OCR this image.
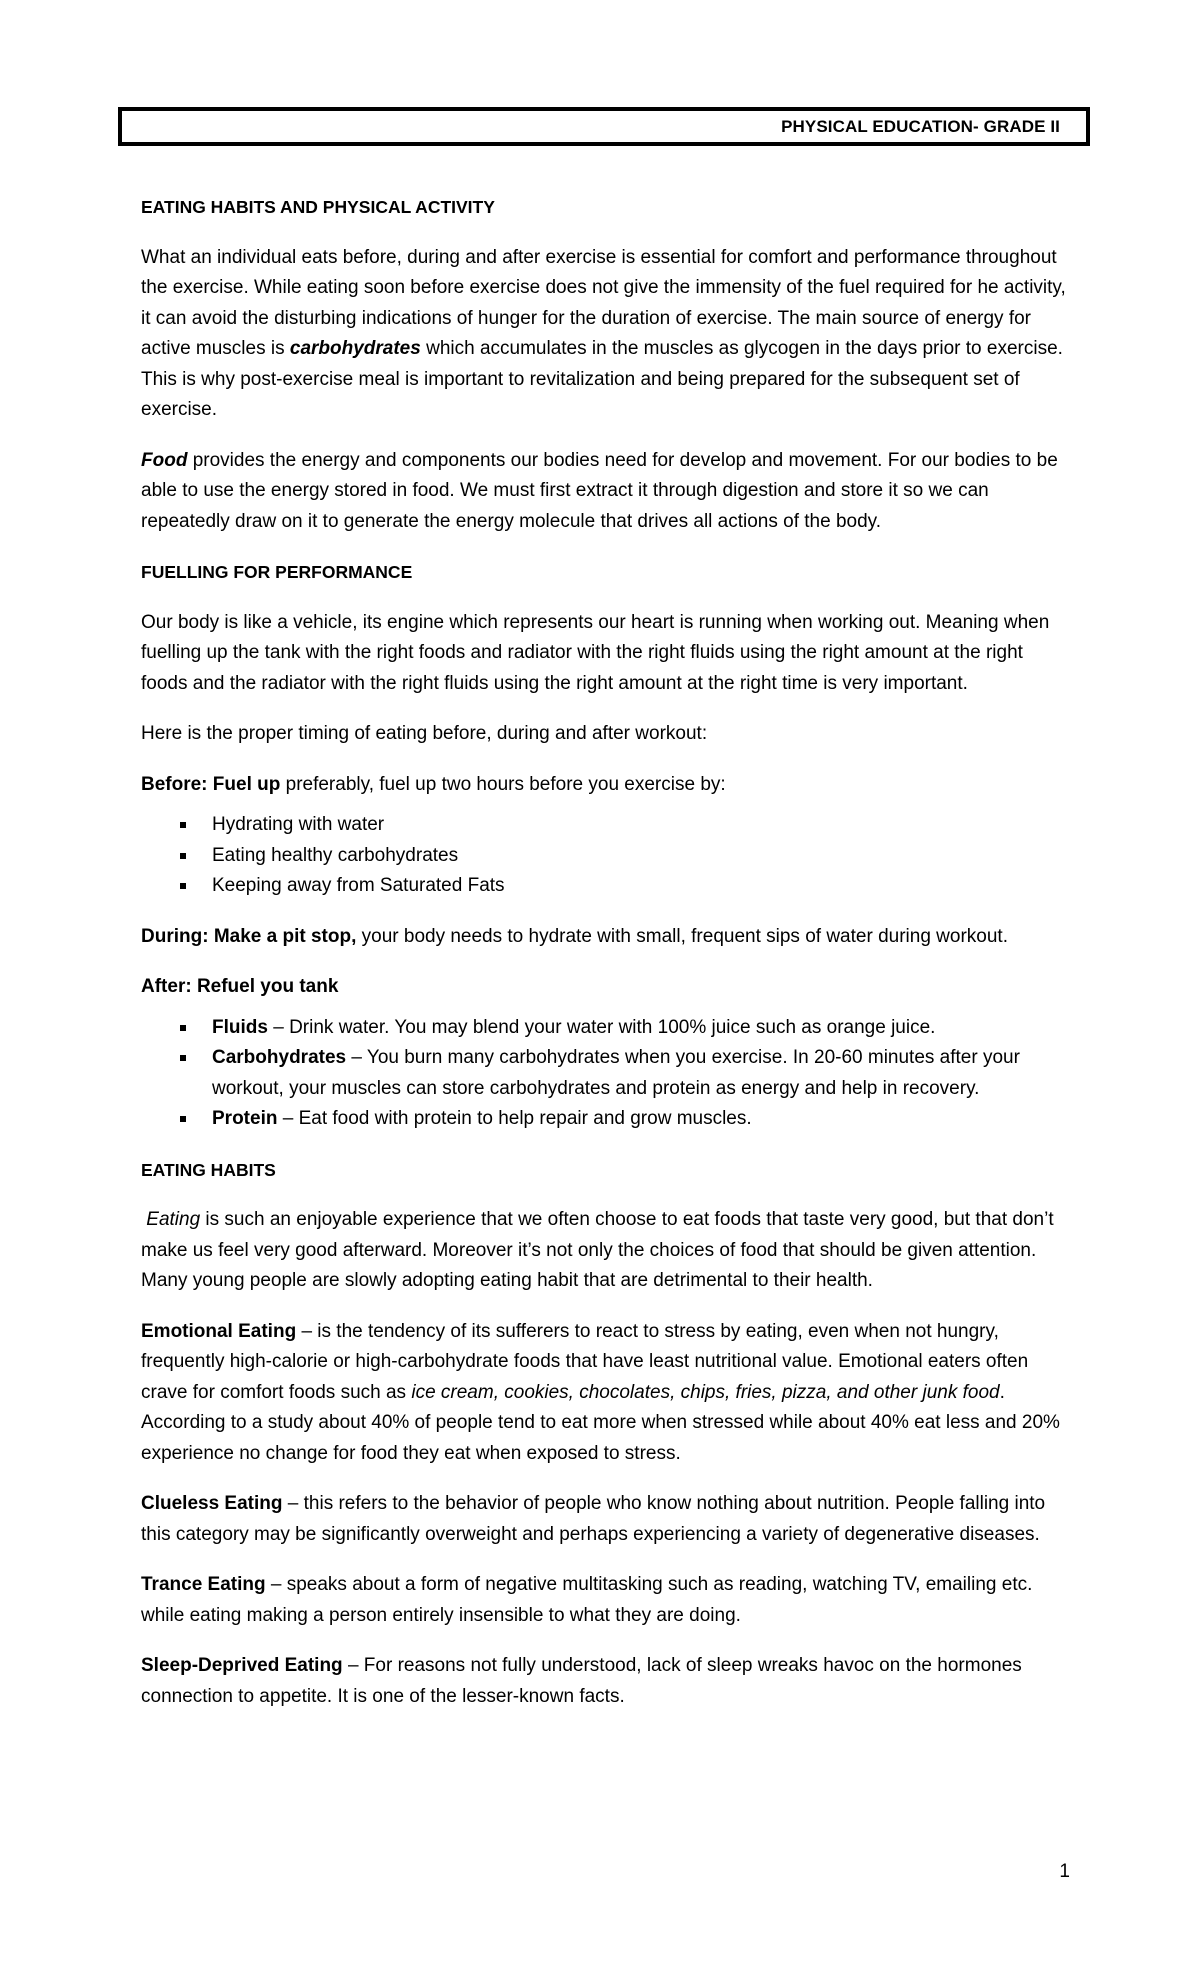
PHYSICAL EDUCATION- GRADE II
EATING HABITS AND PHYSICAL ACTIVITY

What an individual eats before, during and after exercise is essential for comfort and performance throughout the exercise. While eating soon before exercise does not give the immensity of the fuel required for he activity, it can avoid the disturbing indications of hunger for the duration of exercise. The main source of energy for active muscles is carbohydrates which accumulates in the muscles as glycogen in the days prior to exercise. This is why post-exercise meal is important to revitalization and being prepared for the subsequent set of exercise.

Food provides the energy and components our bodies need for develop and movement. For our bodies to be able to use the energy stored in food. We must first extract it through digestion and store it so we can repeatedly draw on it to generate the energy molecule that drives all actions of the body.

FUELLING FOR PERFORMANCE

Our body is like a vehicle, its engine which represents our heart is running when working out. Meaning when fuelling up the tank with the right foods and radiator with the right fluids using the right amount at the right foods and the radiator with the right fluids using the right amount at the right time is very important.

Here is the proper timing of eating before, during and after workout:

Before: Fuel up preferably, fuel up two hours before you exercise by:

Hydrating with water
Eating healthy carbohydrates
Keeping away from Saturated Fats

During: Make a pit stop, your body needs to hydrate with small, frequent sips of water during workout.

After: Refuel you tank

Fluids – Drink water. You may blend your water with 100% juice such as orange juice.
Carbohydrates – You burn many carbohydrates when you exercise. In 20-60 minutes after your workout, your muscles can store carbohydrates and protein as energy and help in recovery.
Protein – Eat food with protein to help repair and grow muscles.
EATING HABITS

Eating is such an enjoyable experience that we often choose to eat foods that taste very good, but that don’t make us feel very good afterward. Moreover it’s not only the choices of food that should be given attention. Many young people are slowly adopting eating habit that are detrimental to their health.

Emotional Eating – is the tendency of its sufferers to react to stress by eating, even when not hungry, frequently high-calorie or high-carbohydrate foods that have least nutritional value. Emotional eaters often crave for comfort foods such as ice cream, cookies, chocolates, chips, fries, pizza, and other junk food. According to a study about 40% of people tend to eat more when stressed while about 40% eat less and 20% experience no change for food they eat when exposed to stress.

Clueless Eating – this refers to the behavior of people who know nothing about nutrition. People falling into this category may be significantly overweight and perhaps experiencing a variety of degenerative diseases.

Trance Eating – speaks about a form of negative multitasking such as reading, watching TV, emailing etc. while eating making a person entirely insensible to what they are doing.

Sleep-Deprived Eating – For reasons not fully understood, lack of sleep wreaks havoc on the hormones connection to appetite. It is one of the lesser-known facts.

1
